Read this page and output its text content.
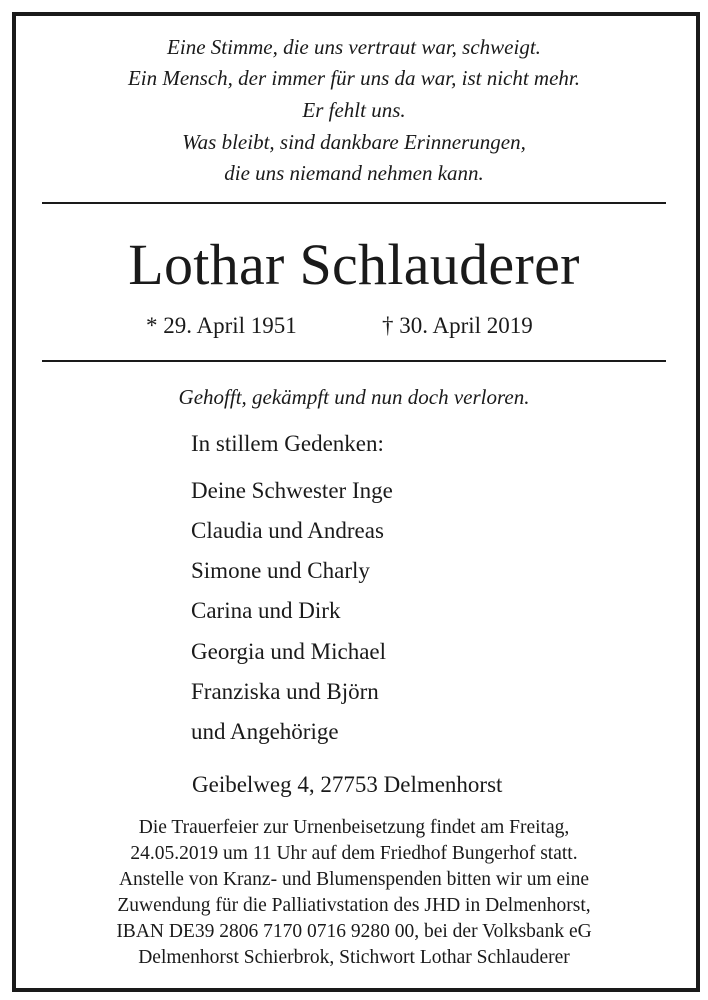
Eine Stimme, die uns vertraut war, schweigt.
Ein Mensch, der immer für uns da war, ist nicht mehr.
Er fehlt uns.
Was bleibt, sind dankbare Erinnerungen,
die uns niemand nehmen kann.
Lothar Schlauderer
* 29. April 1951	† 30. April 2019
Gehofft, gekämpft und nun doch verloren.
In stillem Gedenken:
Deine Schwester Inge
Claudia und Andreas
Simone und Charly
Carina und Dirk
Georgia und Michael
Franziska und Björn
und Angehörige
Geibelweg 4, 27753 Delmenhorst
Die Trauerfeier zur Urnenbeisetzung findet am Freitag,
24.05.2019 um 11 Uhr auf dem Friedhof Bungerhof statt.
Anstelle von Kranz- und Blumenspenden bitten wir um eine
Zuwendung für die Palliativstation des JHD in Delmenhorst,
IBAN DE39 2806 7170 0716 9280 00, bei der Volksbank eG
Delmenhorst Schierbrok, Stichwort Lothar Schlauderer
